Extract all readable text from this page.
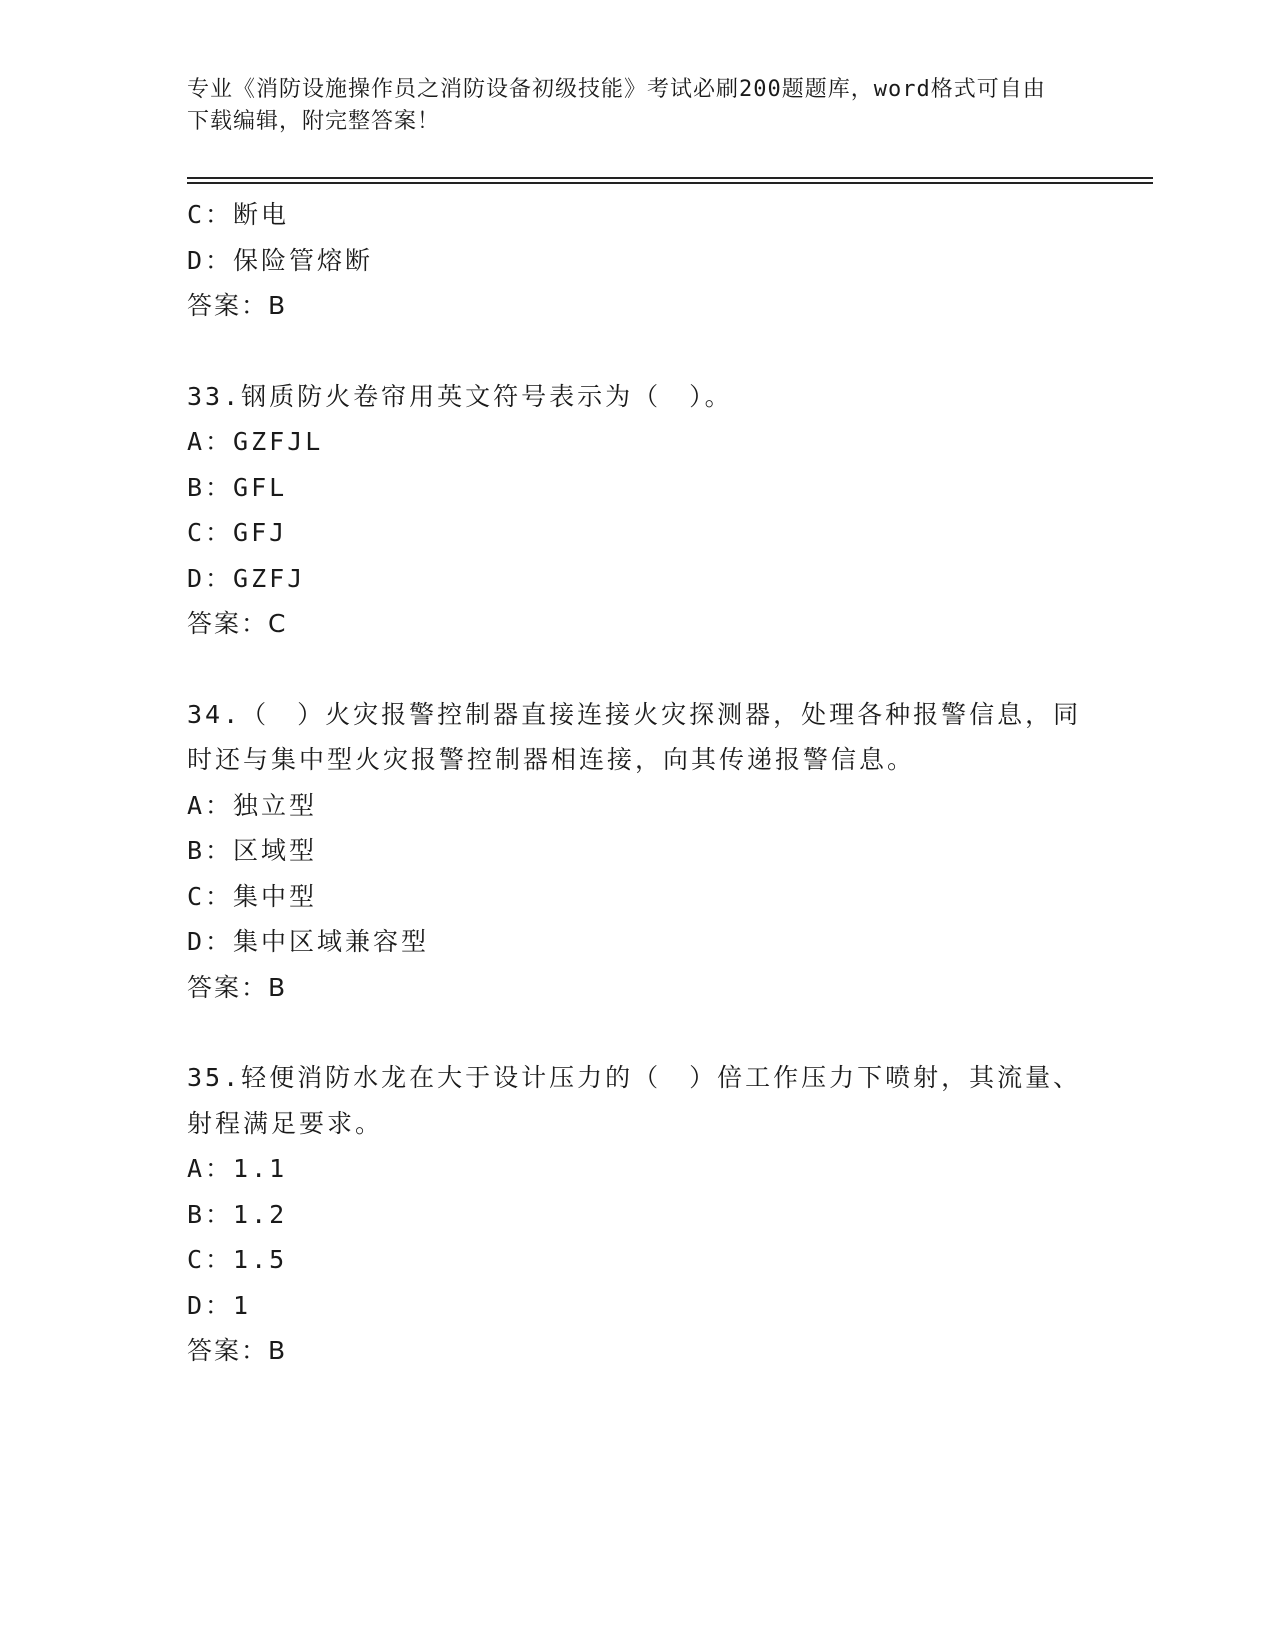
专业《消防设施操作员之消防设备初级技能》考试必刷200题题库，word格式可自由下载编辑，附完整答案！
C：断电
D：保险管熔断
答案：B
33.钢质防火卷帘用英文符号表示为（　）。
A：GZFJL
B：GFL
C：GFJ
D：GZFJ
答案：C
34.（　）火灾报警控制器直接连接火灾探测器，处理各种报警信息，同时还与集中型火灾报警控制器相连接，向其传递报警信息。
A：独立型
B：区域型
C：集中型
D：集中区域兼容型
答案：B
35.轻便消防水龙在大于设计压力的（　）倍工作压力下喷射，其流量、射程满足要求。
A：1.1
B：1.2
C：1.5
D：1
答案：B
